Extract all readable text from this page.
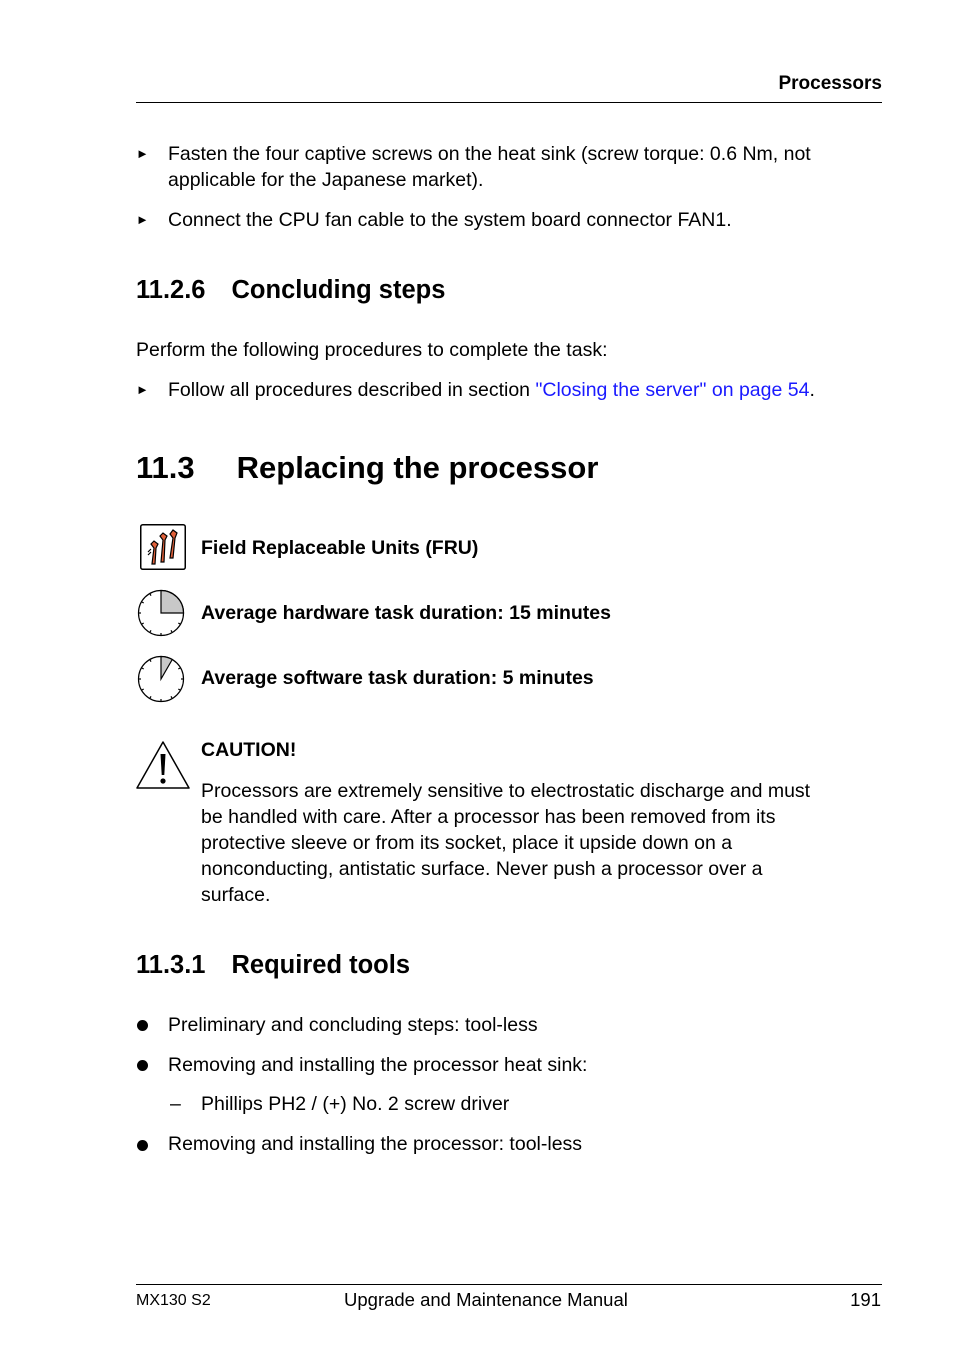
Processors
► Fasten the four captive screws on the heat sink (screw torque: 0.6 Nm, not
applicable for the Japanese market).
► Connect the CPU fan cable to the system board connector FAN1.
11.2.6 Concluding steps
Perform the following procedures to complete the task:
► Follow all procedures described in section "Closing the server" on page 54.
11.3 Replacing the processor
Field Replaceable Units (FRU)
Average hardware task duration: 15 minutes
Average software task duration: 5 minutes
CAUTION!
Processors are extremely sensitive to electrostatic discharge and must
be handled with care. After a processor has been removed from its
protective sleeve or from its socket, place it upside down on a
nonconducting, antistatic surface. Never push a processor over a
surface.
11.3.1 Required tools
Preliminary and concluding steps: tool-less
Removing and installing the processor heat sink:
– Phillips PH2 / (+) No. 2 screw driver
Removing and installing the processor: tool-less
MX130 S2	Upgrade and Maintenance Manual	191
